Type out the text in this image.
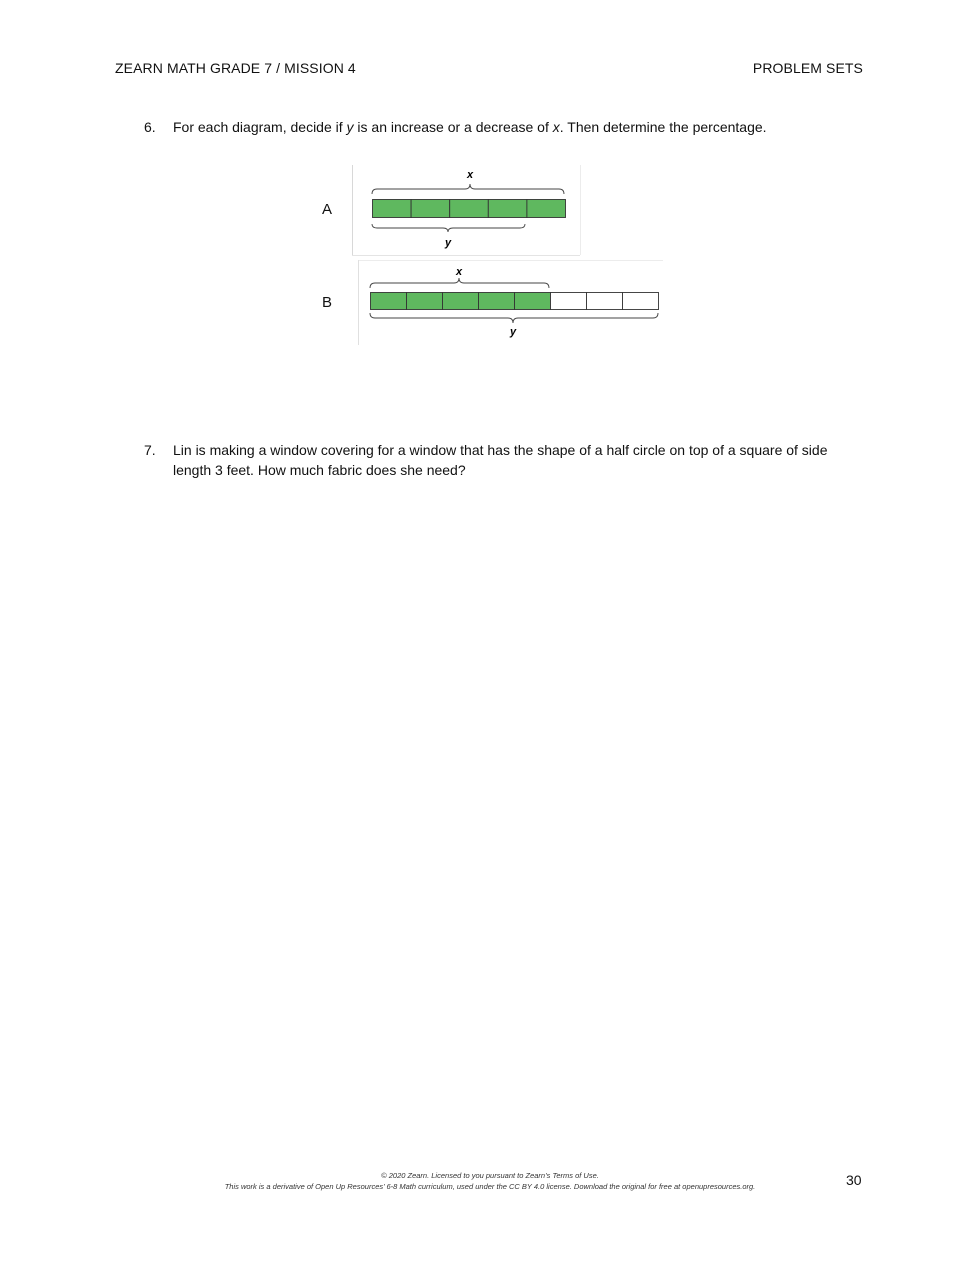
ZEARN MATH GRADE 7 / MISSION 4	PROBLEM SETS
6. For each diagram, decide if y is an increase or a decrease of x. Then determine the percentage.
A
B
x
y
x
y
7. Lin is making a window covering for a window that has the shape of a half circle on top of a square of side length 3 feet. How much fabric does she need?
© 2020 Zearn. Licensed to you pursuant to Zearn’s Terms of Use.
This work is a derivative of Open Up Resources’ 6-8 Math curriculum, used under the CC BY 4.0 license. Download the original for free at openupresources.org.	30
